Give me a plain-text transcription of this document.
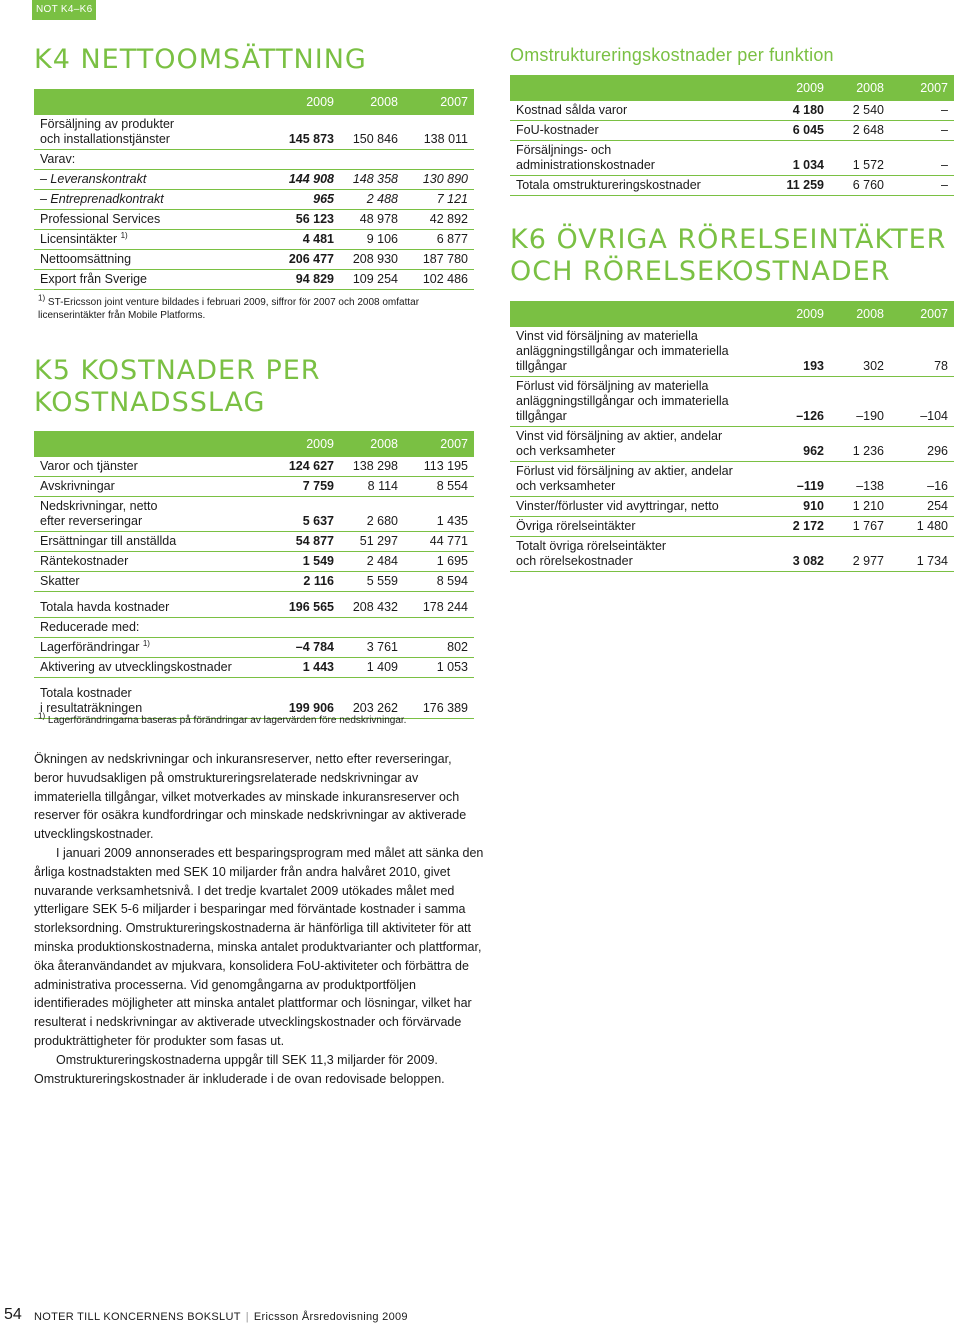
NOT K4–K6
K4 NETTOOMSÄTTNING
	2009	2008	2007
Försäljning av produkter
och installationstjänster	145 873	150 846	138 011
Varav:			
– Leveranskontrakt	144 908	148 358	130 890
– Entreprenadkontrakt	965	2 488	7 121
Professional Services	56 123	48 978	42 892
Licensintäkter $^{1)}$	4 481	9 106	6 877
Nettoomsättning	206 477	208 930	187 780
Export från Sverige	94 829	109 254	102 486
$^{1)}$ ST-Ericsson joint venture bildades i februari 2009, siffror för 2007 och 2008 omfattar licenserintäkter från Mobile Platforms.
K5 KOSTNADER PER KOSTNADSSLAG
	2009	2008	2007
Varor och tjänster	124 627	138 298	113 195
Avskrivningar	7 759	8 114	8 554
Nedskrivningar, netto
efter reverseringar	5 637	2 680	1 435
Ersättningar till anställda	54 877	51 297	44 771
Räntekostnader	1 549	2 484	1 695
Skatter	2 116	5 559	8 594
Totala havda kostnader	196 565	208 432	178 244
Reducerade med:			
Lagerförändringar $^{1)}$	–4 784	3 761	802
Aktivering av utvecklingskostnader	1 443	1 409	1 053
Totala kostnader
i resultaträkningen	199 906	203 262	176 389
$^{1)}$ Lagerförändringarna baseras på förändringar av lagervärden före nedskrivningar.
Omstruktureringskostnader per funktion
	2009	2008	2007
Kostnad sålda varor	4 180	2 540	–
FoU-kostnader	6 045	2 648	–
Försäljnings- och
administrationskostnader	1 034	1 572	–
Totala omstruktureringskostnader	11 259	6 760	–
K6 ÖVRIGA RÖRELSEINTÄKTER
OCH RÖRELSEKOSTNADER
	2009	2008	2007
Vinst vid försäljning av materiella
anläggningstillgångar och immateriella
tillgångar	193	302	78
Förlust vid försäljning av materiella
anläggningstillgångar och immateriella
tillgångar	–126	–190	–104
Vinst vid försäljning av aktier, andelar
och verksamheter	962	1 236	296
Förlust vid försäljning av aktier, andelar
och verksamheter	–119	–138	–16
Vinster/förluster vid avyttringar, netto	910	1 210	254
Övriga rörelseintäkter	2 172	1 767	1 480
Totalt övriga rörelseintäkter
och rörelsekostnader	3 082	2 977	1 734

Ökningen av nedskrivningar och inkuransreserver, netto efter reverseringar, beror huvudsakligen på omstruktureringsrelaterade nedskrivningar av immateriella tillgångar, vilket motverkades av minskade inkuransreserver och reserver för osäkra kundfordringar och minskade nedskrivningar av aktiverade utvecklingskostnader.

I januari 2009 annonserades ett besparingsprogram med målet att sänka den årliga kostnadstakten med SEK 10 miljarder från andra halvåret 2010, givet nuvarande verksamhetsnivå. I det tredje kvartalet 2009 utökades målet med ytterligare SEK 5-6 miljarder i besparingar med förväntade kostnader i samma storleksordning. Omstruktureringskostnaderna är hänförliga till aktiviteter för att minska produktionskostnaderna, minska antalet produktvarianter och plattformar, öka återanvändandet av mjukvara, konsolidera FoU-aktiviteter och förbättra de administrativa processerna. Vid genomgångarna av produktportföljen identifierades möjligheter att minska antalet plattformar och lösningar, vilket har resulterat i nedskrivningar av aktiverade utvecklingskostnader och förvärvade produkträttigheter för produkter som fasas ut.

Omstruktureringskostnaderna uppgår till SEK 11,3 miljarder för 2009. Omstruktureringskostnader är inkluderade i de ovan redovisade beloppen.

54 NOTER TILL KONCERNENS BOKSLUT | Ericsson Årsredovisning 2009
